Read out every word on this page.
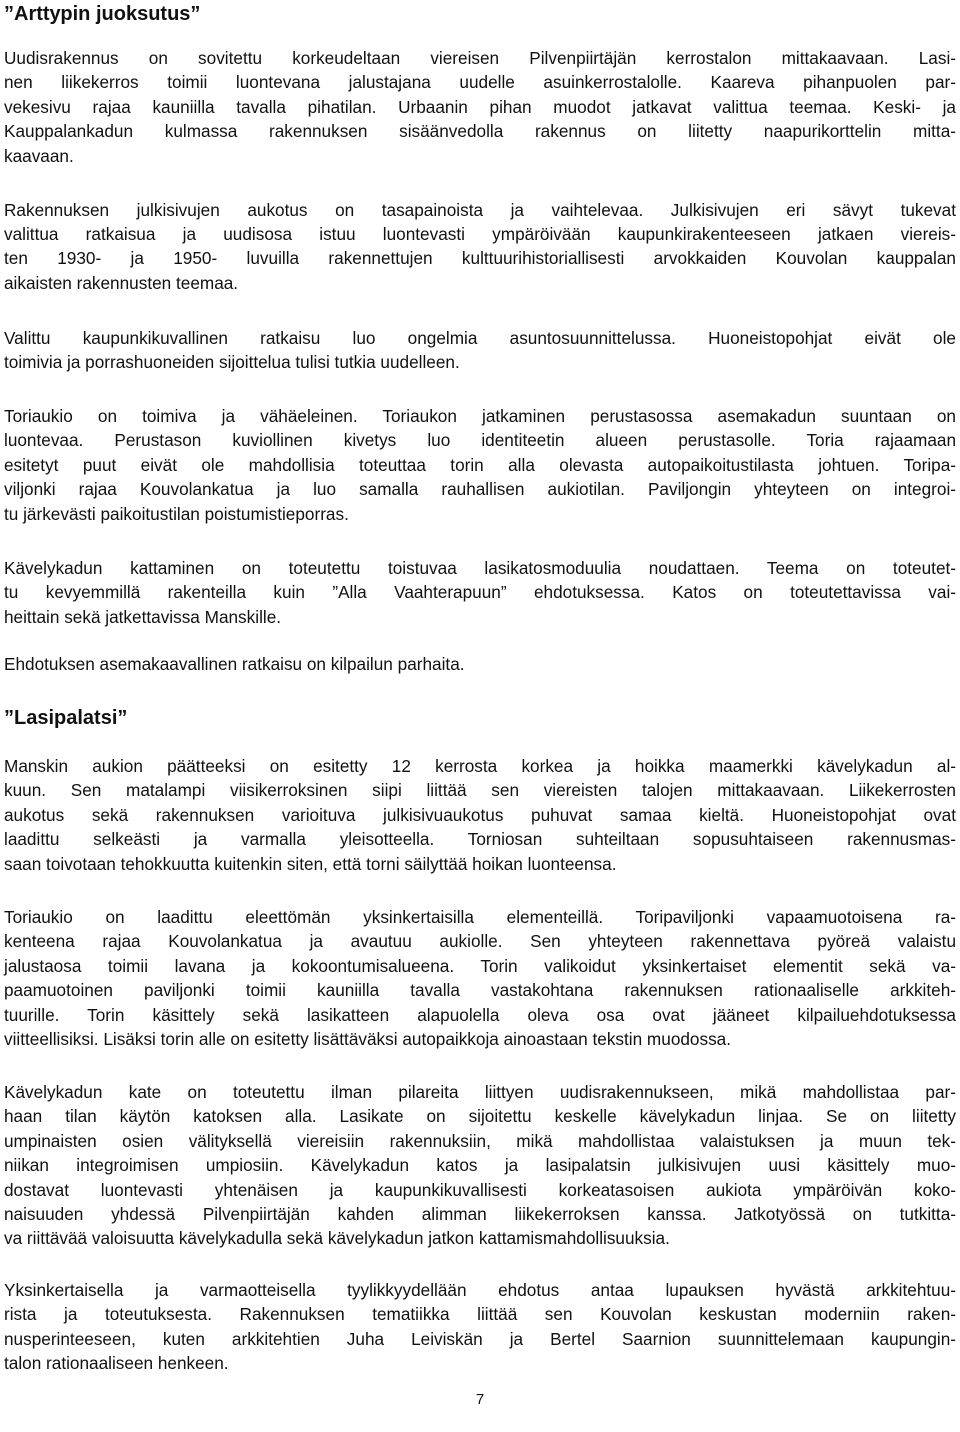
”Arttурin juoksutus”
Uudisrakennus on sovitettu korkeudeltaan viereisen Pilvenpiirtäjän kerrostalon mittakaavaan. Lasi-
nen liikekerros toimii luontevana jalustajana uudelle asuinkerrostalolle. Kaareva pihanpuolen par-
vekesivu rajaa kauniilla tavalla pihatilan. Urbaanin pihan muodot jatkavat valittua teemaa. Keski- ja
Kauppalankadun kulmassa rakennuksen sisäänvedolla rakennus on liitetty naapurikorttelin mitta-
kaavaan.
Rakennuksen julkisivujen aukotus on tasapainoista ja vaihtelevaa. Julkisivujen eri sävyt tukevat
valittua ratkaisua ja uudisosa istuu luontevasti ympäröivään kaupunkirakenteeseen jatkaen viereis-
ten 1930- ja 1950- luvuilla rakennettujen kulttuurihistoriallisesti arvokkaiden Kouvolan kauppalan
aikaisten rakennusten teemaa.
Valittu kaupunkikuvallinen ratkaisu luo ongelmia asuntosuunnittelussa. Huoneistopohjat eivät ole
toimivia ja porrashuoneiden sijoittelua tulisi tutkia uudelleen.
Toriaukio on toimiva ja vähäeleinen. Toriaukon jatkaminen perustasossa asemakadun suuntaan on
luontevaa. Perustason kuviollinen kivetys luo identiteetin alueen perustasolle. Toria rajaamaan
esitetyt puut eivät ole mahdollisia toteuttaa torin alla olevasta autopaikoitustilasta johtuen. Toripa-
viljonki rajaa Kouvolankatua ja luo samalla rauhallisen aukiotilan. Paviljongin yhteyteen on integroi-
tu järkevästi paikoitustilan poistumistieporras.
Kävelykadun kattaminen on toteutettu toistuvaa lasikatosmoduulia noudattaen. Teema on toteutet-
tu kevyemmillä rakenteilla kuin ”Alla Vaahterapuun” ehdotuksessa. Katos on toteutettavissa vai-
heittain sekä jatkettavissa Manskille.
Ehdotuksen asemakaavallinen ratkaisu on kilpailun parhaita.
”Lasipalatsi”
Manskin aukion päätteeksi on esitetty 12 kerrosta korkea ja hoikka maamerkki kävelykadun al-
kuun. Sen matalampi viisikerroksinen siipi liittää sen viereisten talojen mittakaavaan. Liikekerrosten
aukotus sekä rakennuksen varioituva julkisivuaukotus puhuvat samaa kieltä. Huoneistopohjat ovat
laadittu selkeästi ja varmalla yleisotteella. Torniosan suhteiltaan sopusuhtaiseen rakennusmas-
saan toivotaan tehokkuutta kuitenkin siten, että torni säilyttää hoikan luonteensa.
Toriaukio on laadittu eleettömän yksinkertaisilla elementeillä. Toripaviljonki vapaamuotoisena ra-
kenteena rajaa Kouvolankatua ja avautuu aukiolle. Sen yhteyteen rakennettava pyöreä valaistu
jalustaosa toimii lavana ja kokoontumisalueena. Torin valikoidut yksinkertaiset elementit sekä va-
paamuotoinen paviljonki toimii kauniilla tavalla vastakohtana rakennuksen rationaaliselle arkkiteh-
tuurille. Torin käsittely sekä lasikatteen alapuolella oleva osa ovat jääneet kilpailuehdotuksessa
viitteellisiksi. Lisäksi torin alle on esitetty lisättäväksi autopaikkoja ainoastaan tekstin muodossa.
Kävelykadun kate on toteutettu ilman pilareita liittyen uudisrakennukseen, mikä mahdollistaa par-
haan tilan käytön katoksen alla. Lasikate on sijoitettu keskelle kävelykadun linjaa. Se on liitetty
umpinaisten osien välityksellä viereisiin rakennuksiin, mikä mahdollistaa valaistuksen ja muun tek-
niikan integroimisen umpiosiin. Kävelykadun katos ja lasipalatsin julkisivujen uusi käsittely muo-
dostavat luontevasti yhtenäisen ja kaupunkikuvallisesti korkeatasoisen aukiota ympäröivän koko-
naisuuden yhdessä Pilvenpiirtäjän kahden alimman liikekerroksen kanssa. Jatkotyössä on tutkitta-
va riittävää valoisuutta kävelykadulla sekä kävelykadun jatkon kattamismahdollisuuksia.
Yksinkertaisella ja varmaotteisella tyylikkyydellään ehdotus antaa lupauksen hyvästä arkkitehtuu-
rista ja toteutuksesta. Rakennuksen tematiikka liittää sen Kouvolan keskustan moderniin raken-
nusperinteeseen, kuten arkkitehtien Juha Leiviskän ja Bertel Saarnion suunnittelemaan kaupungin-
talon rationaaliseen henkeen.
7
